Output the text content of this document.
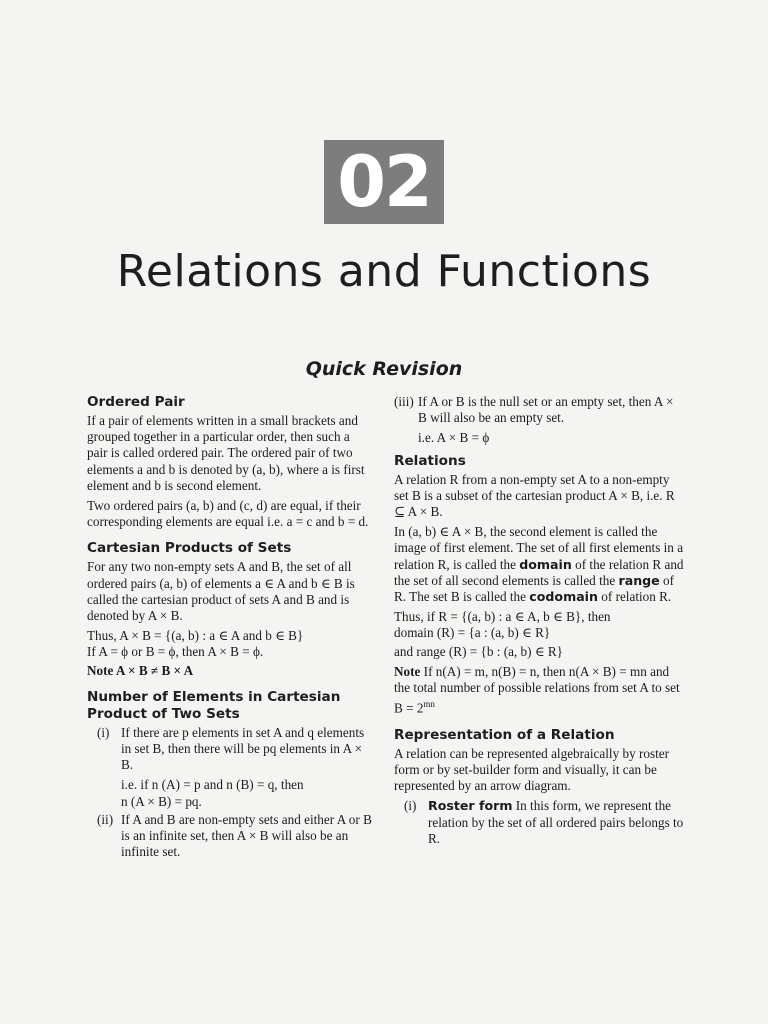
02
Relations and Functions
Quick Revision
Ordered Pair

If a pair of elements written in a small brackets and grouped together in a particular order, then such a pair is called ordered pair. The ordered pair of two elements a and b is denoted by (a, b), where a is first element and b is second element.

Two ordered pairs (a, b) and (c, d) are equal, if their corresponding elements are equal i.e. a = c and b = d.

Cartesian Products of Sets

For any two non-empty sets A and B, the set of all ordered pairs (a, b) of elements a ∈ A and b ∈ B is called the cartesian product of sets A and B and is denoted by A × B.

Thus, A × B = {(a, b) : a ∈ A and b ∈ B}

If A = ϕ or B = ϕ, then A × B = ϕ.

Note A × B ≠ B × A

Number of Elements in Cartesian Product of Two Sets
(i) If there are p elements in set A and q elements in set B, then there will be pq elements in A × B.
i.e. if n (A) = p and n (B) = q, then
n (A × B) = pq.
(ii) If A and B are non-empty sets and either A or B is an infinite set, then A × B will also be an infinite set.
(iii) If A or B is the null set or an empty set, then A × B will also be an empty set.
i.e. A × B = ϕ
Relations

A relation R from a non-empty set A to a non-empty set B is a subset of the cartesian product A × B, i.e. R ⊆ A × B.

In (a, b) ∈ A × B, the second element is called the image of first element. The set of all first elements in a relation R, is called the domain of the relation R and the set of all second elements is called the range of R. The set B is called the codomain of relation R.

Thus, if R = {(a, b) : a ∈ A, b ∈ B}, then

domain (R) = {a : (a, b) ∈ R}

and range (R) = {b : (a, b) ∈ R}

Note If n(A) = m, n(B) = n, then n(A × B) = mn and the total number of possible relations from set A to set $B = 2^{mn}$

Representation of a Relation

A relation can be represented algebraically by roster form or by set-builder form and visually, it can be represented by an arrow diagram.

(i) Roster form In this form, we represent the relation by the set of all ordered pairs belongs to R.
